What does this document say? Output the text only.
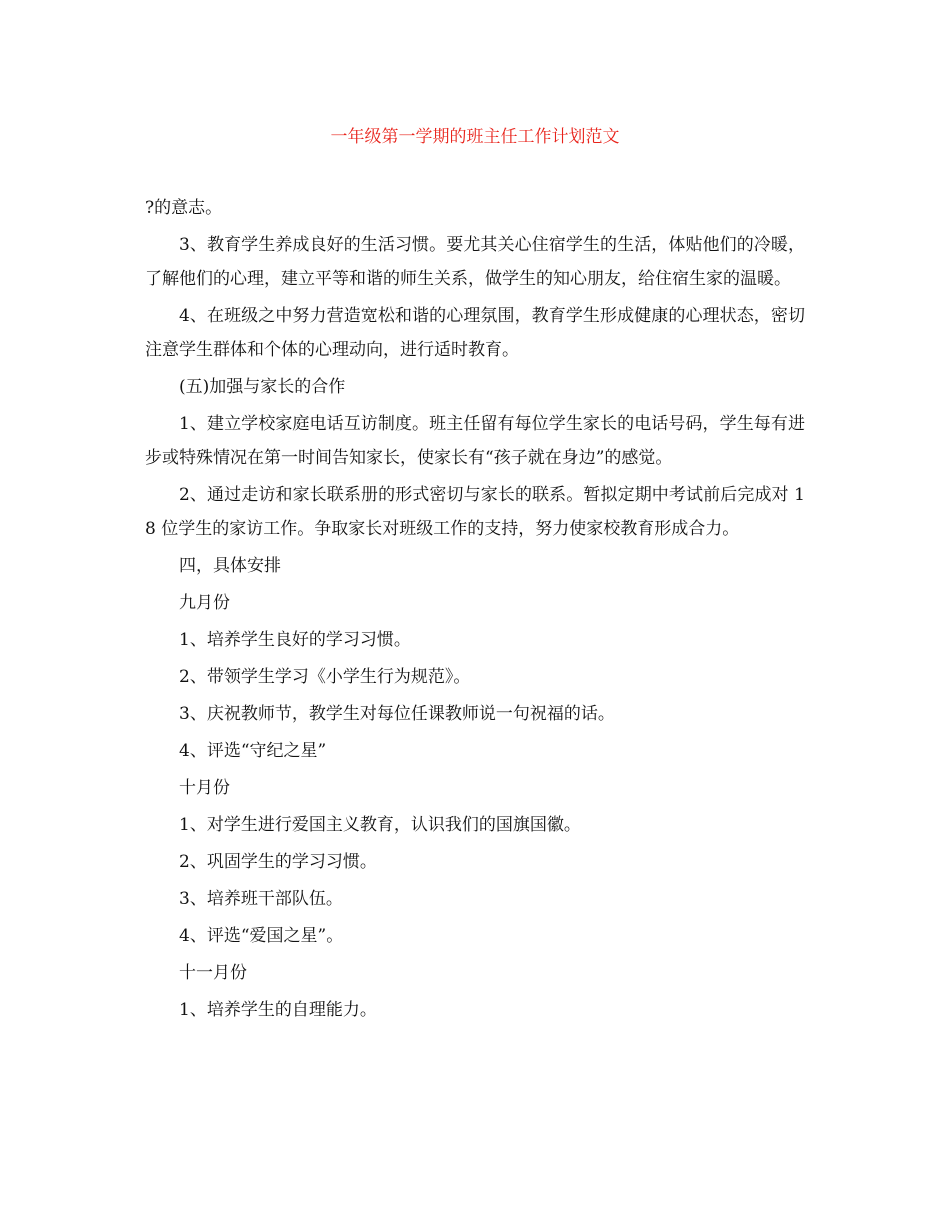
一年级第一学期的班主任工作计划范文

?的意志。

3、教育学生养成良好的生活习惯。要尤其关心住宿学生的生活，体贴他们的冷暖，了解他们的心理，建立平等和谐的师生关系，做学生的知心朋友，给住宿生家的温暖。

4、在班级之中努力营造宽松和谐的心理氛围，教育学生形成健康的心理状态，密切注意学生群体和个体的心理动向，进行适时教育。

(五)加强与家长的合作

1、建立学校家庭电话互访制度。班主任留有每位学生家长的电话号码，学生每有进步或特殊情况在第一时间告知家长，使家长有“孩子就在身边”的感觉。

2、通过走访和家长联系册的形式密切与家长的联系。暂拟定期中考试前后完成对 18 位学生的家访工作。争取家长对班级工作的支持，努力使家校教育形成合力。

四，具体安排

九月份

1、培养学生良好的学习习惯。

2、带领学生学习《小学生行为规范》。

3、庆祝教师节，教学生对每位任课教师说一句祝福的话。

4、评选“守纪之星”

十月份

1、对学生进行爱国主义教育，认识我们的国旗国徽。

2、巩固学生的学习习惯。

3、培养班干部队伍。

4、评选“爱国之星”。

十一月份

1、培养学生的自理能力。
